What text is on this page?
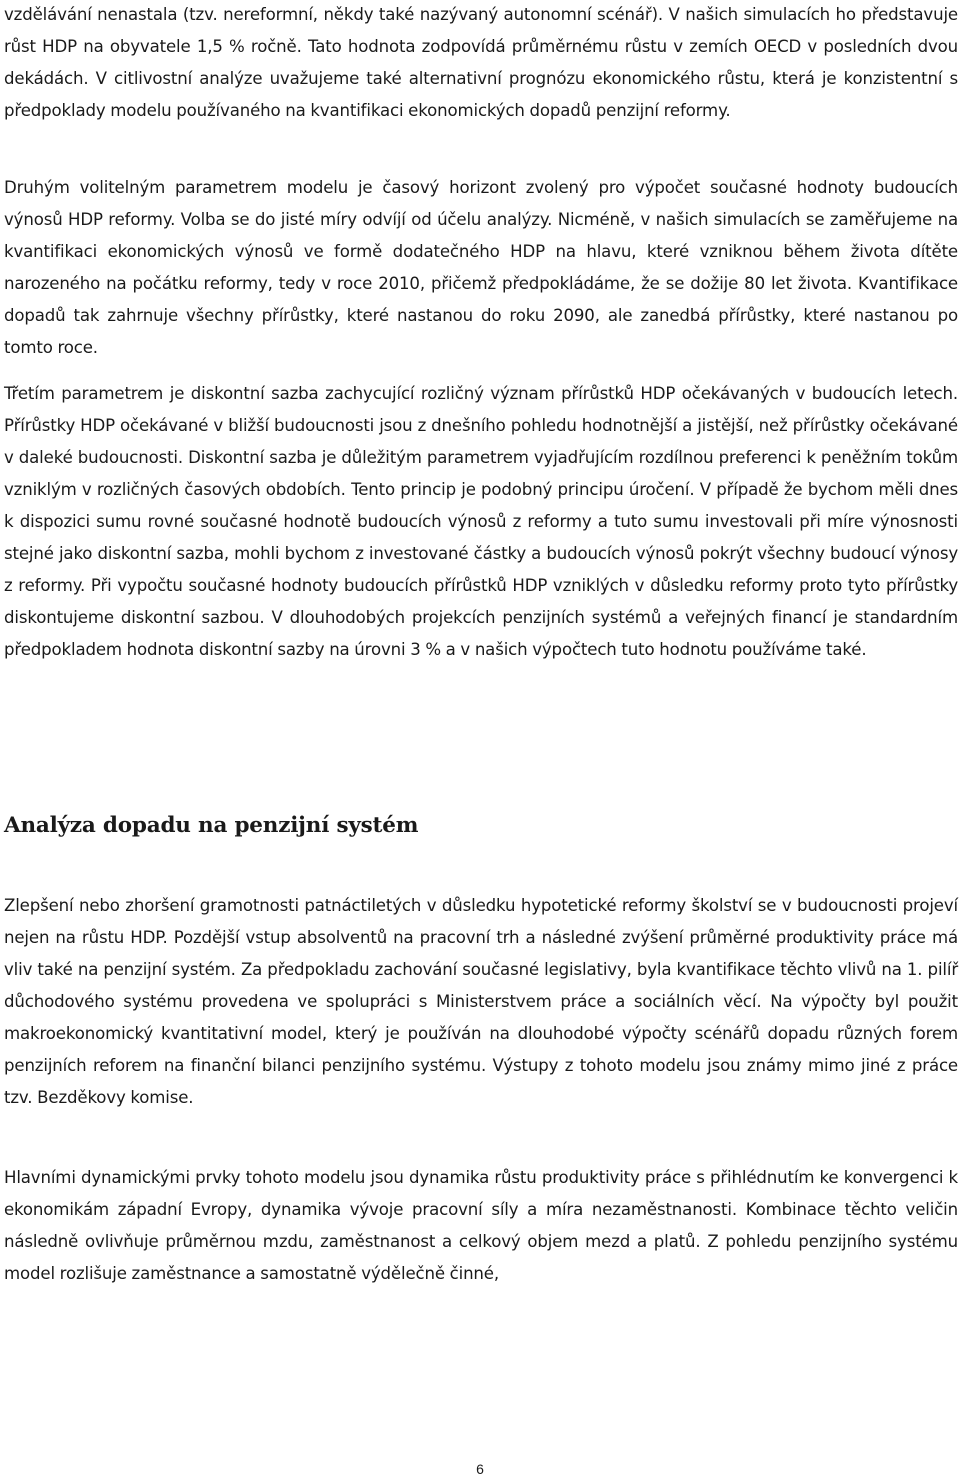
vzdělávání nenastala (tzv. nereformní, někdy také nazývaný autonomní scénář). V našich simulacích ho představuje růst HDP na obyvatele 1,5 % ročně. Tato hodnota zodpovídá průměrnému růstu v zemích OECD v posledních dvou dekádách. V citlivostní analýze uvažujeme také alternativní prognózu ekonomického růstu, která je konzistentní s předpoklady modelu používaného na kvantifikaci ekonomických dopadů penzijní reformy.

Druhým volitelným parametrem modelu je časový horizont zvolený pro výpočet současné hodnoty budoucích výnosů HDP reformy. Volba se do jisté míry odvíjí od účelu analýzy. Nicméně, v našich simulacích se zaměřujeme na kvantifikaci ekonomických výnosů ve formě dodatečného HDP na hlavu, které vzniknou během života dítěte narozeného na počátku reformy, tedy v roce 2010, přičemž předpokládáme, že se dožije 80 let života. Kvantifikace dopadů tak zahrnuje všechny přírůstky, které nastanou do roku 2090, ale zanedbá přírůstky, které nastanou po tomto roce.

Třetím parametrem je diskontní sazba zachycující rozličný význam přírůstků HDP očekávaných v budoucích letech. Přírůstky HDP očekávané v bližší budoucnosti jsou z dnešního pohledu hodnotnější a jistější, než přírůstky očekávané v daleké budoucnosti. Diskontní sazba je důležitým parametrem vyjadřujícím rozdílnou preferenci k peněžním tokům vzniklým v rozličných časových obdobích. Tento princip je podobný principu úročení. V případě že bychom měli dnes k dispozici sumu rovné současné hodnotě budoucích výnosů z reformy a tuto sumu investovali při míre výnosnosti stejné jako diskontní sazba, mohli bychom z investované částky a budoucích výnosů pokrýt všechny budoucí výnosy z reformy. Při vypočtu současné hodnoty budoucích přírůstků HDP vzniklých v důsledku reformy proto tyto přírůstky diskontujeme diskontní sazbou. V dlouhodobých projekcích penzijních systémů a veřejných financí je standardním předpokladem hodnota diskontní sazby na úrovni 3 % a v našich výpočtech tuto hodnotu používáme také.

Analýza dopadu na penzijní systém

Zlepšení nebo zhoršení gramotnosti patnáctiletých v důsledku hypotetické reformy školství se v budoucnosti projeví nejen na růstu HDP. Pozdější vstup absolventů na pracovní trh a následné zvýšení průměrné produktivity práce má vliv také na penzijní systém. Za předpokladu zachování současné legislativy, byla kvantifikace těchto vlivů na 1. pilíř důchodového systému provedena ve spolupráci s Ministerstvem práce a sociálních věcí. Na výpočty byl použit makroekonomický kvantitativní model, který je používán na dlouhodobé výpočty scénářů dopadu různých forem penzijních reforem na finanční bilanci penzijního systému. Výstupy z tohoto modelu jsou známy mimo jiné z práce tzv. Bezděkovy komise.

Hlavními dynamickými prvky tohoto modelu jsou dynamika růstu produktivity práce s přihlédnutím ke konvergenci k ekonomikám západní Evropy, dynamika vývoje pracovní síly a míra nezaměstnanosti. Kombinace těchto veličin následně ovlivňuje průměrnou mzdu, zaměstnanost a celkový objem mezd a platů. Z pohledu penzijního systému model rozlišuje zaměstnance a samostatně výdělečně činné,

6
